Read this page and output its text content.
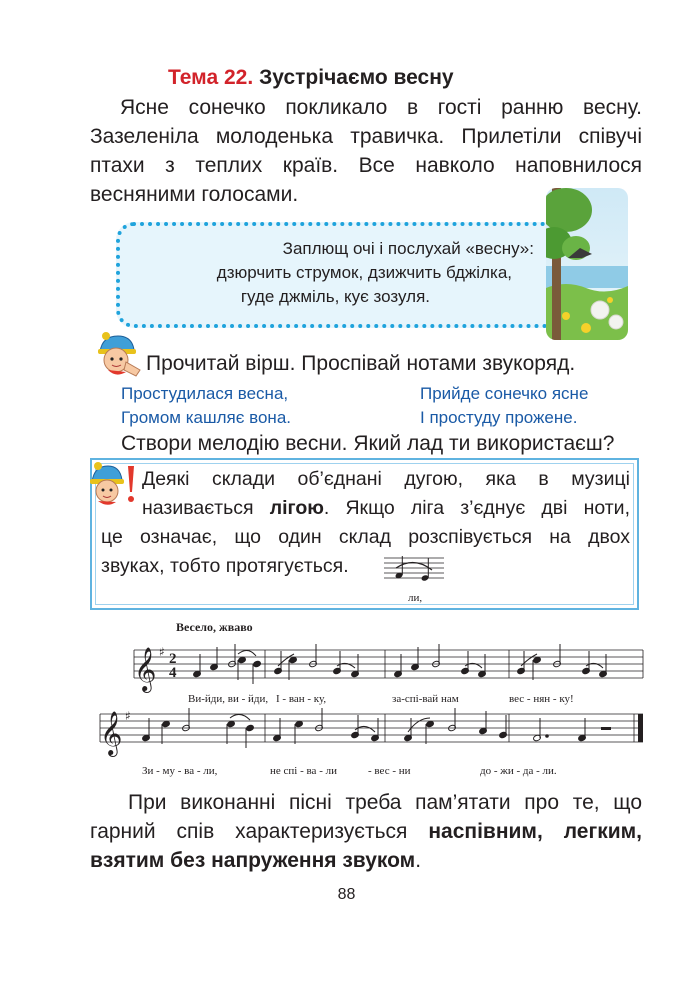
Тема 22. Зустрічаємо весну
Ясне сонечко покликало в гості ранню весну.
Зазеленіла молоденька травичка. Прилетіли співучі
птахи з теплих країв. Все навколо наповнилося
весняними голосами.
Заплющ очі і послухай «весну»:
дзюрчить струмок, дзижчить бджілка,
гуде джміль, кує зозуля.
Прочитай вірш. Проспівай нотами звукоряд.
Простудилася весна,
Громом кашляє вона.
Прийде сонечко ясне
І простуду прожене.
Створи мелодію весни. Який лад ти використаєш?
Деякі склади об’єднані дугою, яка в музиці
називається лігою. Якщо ліга з’єднує дві ноти,
це означає, що один склад розспівується на двох
звуках, тобто протягується.
ли,
Весело, жваво
𝄞
𝄞
♯
♯
2
4
Ви-йди, ви - йди, І - ван - ку,	за-спі-вай нам	вес - нян - ку!
Зи - му - ва - ли,	не спі - ва - ли	- вес - ни	до - жи - да - ли.
При виконанні пісні треба пам’ятати про те, що
гарний спів характеризується наспівним, легким,
взятим без напруження звуком.
88
